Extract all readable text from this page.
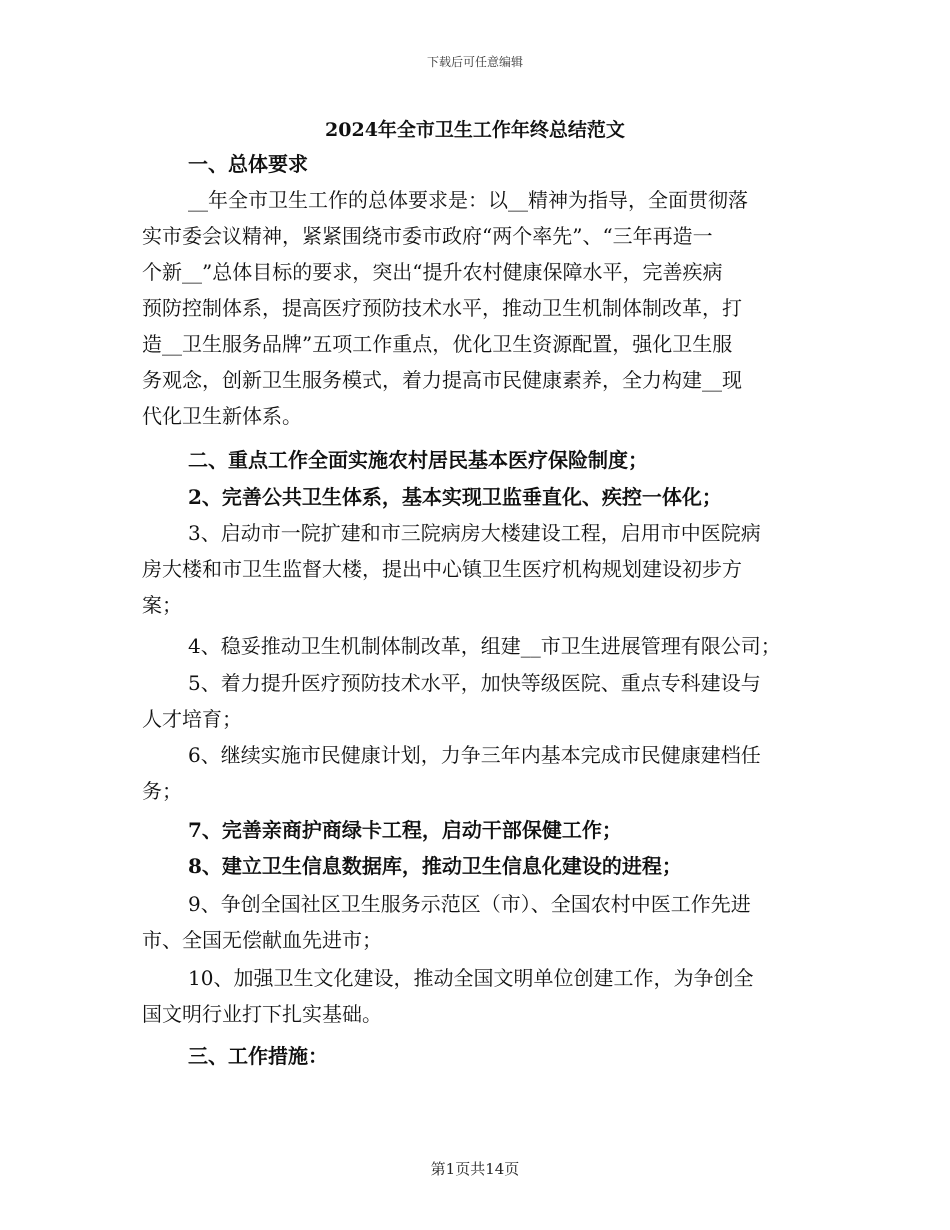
下载后可任意编辑
2024年全市卫生工作年终总结范文
一、总体要求
__年全市卫生工作的总体要求是：以__精神为指导，全面贯彻落
实市委会议精神，紧紧围绕市委市政府“两个率先”、“三年再造一
个新__”总体目标的要求，突出“提升农村健康保障水平，完善疾病
预防控制体系，提高医疗预防技术水平，推动卫生机制体制改革，打
造__卫生服务品牌”五项工作重点，优化卫生资源配置，强化卫生服
务观念，创新卫生服务模式，着力提高市民健康素养，全力构建__现
代化卫生新体系。
二、重点工作全面实施农村居民基本医疗保险制度；
2、完善公共卫生体系，基本实现卫监垂直化、疾控一体化；
3、启动市一院扩建和市三院病房大楼建设工程，启用市中医院病
房大楼和市卫生监督大楼，提出中心镇卫生医疗机构规划建设初步方
案；
4、稳妥推动卫生机制体制改革，组建__市卫生进展管理有限公司；
5、着力提升医疗预防技术水平，加快等级医院、重点专科建设与
人才培育；
6、继续实施市民健康计划，力争三年内基本完成市民健康建档任
务；
7、完善亲商护商绿卡工程，启动干部保健工作；
8、建立卫生信息数据库，推动卫生信息化建设的进程；
9、争创全国社区卫生服务示范区（市）、全国农村中医工作先进
市、全国无偿献血先进市；
10、加强卫生文化建设，推动全国文明单位创建工作，为争创全
国文明行业打下扎实基础。
三、工作措施：
第1页共14页
